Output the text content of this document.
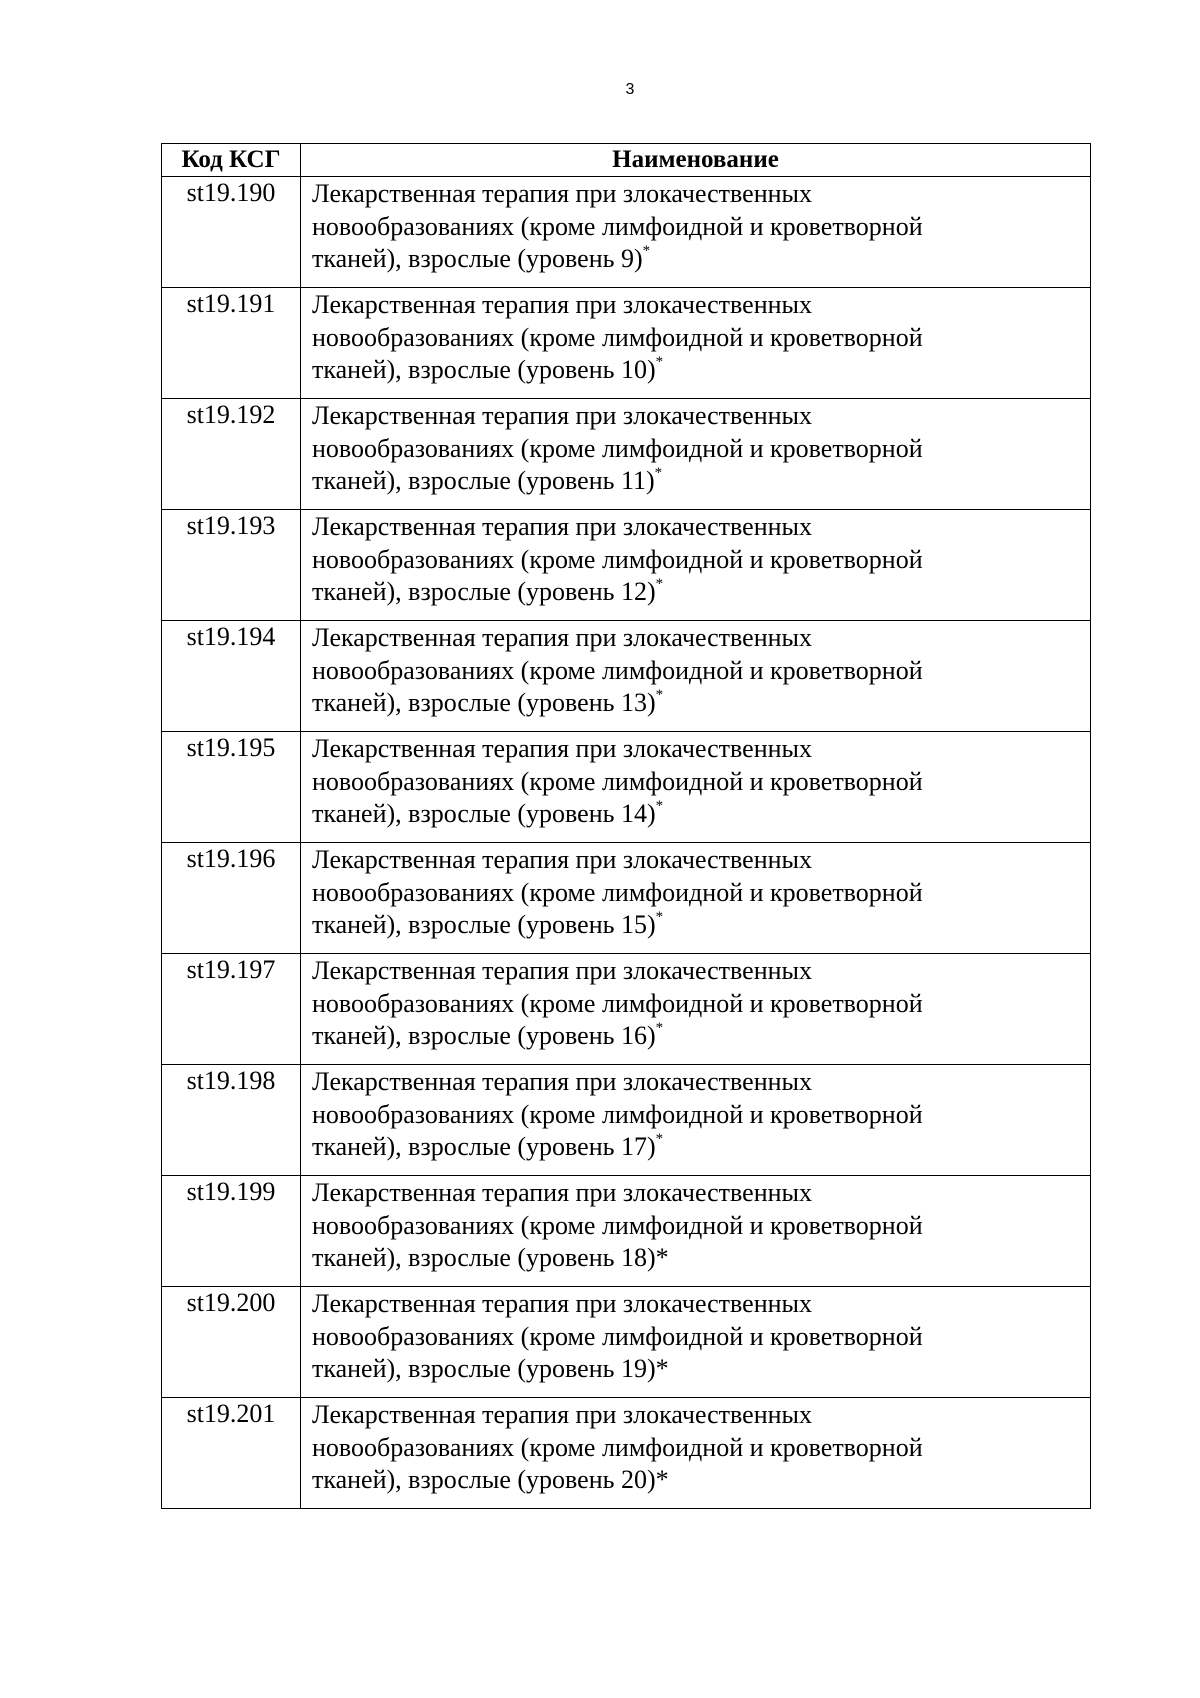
3
Код КСГ	Наименование
st19.190	Лекарственная терапия при злокачественных
новообразованиях (кроме лимфоидной и кроветворной
тканей), взрослые (уровень 9)*

st19.191	Лекарственная терапия при злокачественных
новообразованиях (кроме лимфоидной и кроветворной
тканей), взрослые (уровень 10)*

st19.192	Лекарственная терапия при злокачественных
новообразованиях (кроме лимфоидной и кроветворной
тканей), взрослые (уровень 11)*

st19.193	Лекарственная терапия при злокачественных
новообразованиях (кроме лимфоидной и кроветворной
тканей), взрослые (уровень 12)*

st19.194	Лекарственная терапия при злокачественных
новообразованиях (кроме лимфоидной и кроветворной
тканей), взрослые (уровень 13)*

st19.195	Лекарственная терапия при злокачественных
новообразованиях (кроме лимфоидной и кроветворной
тканей), взрослые (уровень 14)*

st19.196	Лекарственная терапия при злокачественных
новообразованиях (кроме лимфоидной и кроветворной
тканей), взрослые (уровень 15)*

st19.197	Лекарственная терапия при злокачественных
новообразованиях (кроме лимфоидной и кроветворной
тканей), взрослые (уровень 16)*

st19.198	Лекарственная терапия при злокачественных
новообразованиях (кроме лимфоидной и кроветворной
тканей), взрослые (уровень 17)*

st19.199	Лекарственная терапия при злокачественных
новообразованиях (кроме лимфоидной и кроветворной
тканей), взрослые (уровень 18)*

st19.200	Лекарственная терапия при злокачественных
новообразованиях (кроме лимфоидной и кроветворной
тканей), взрослые (уровень 19)*

st19.201	Лекарственная терапия при злокачественных
новообразованиях (кроме лимфоидной и кроветворной
тканей), взрослые (уровень 20)*
